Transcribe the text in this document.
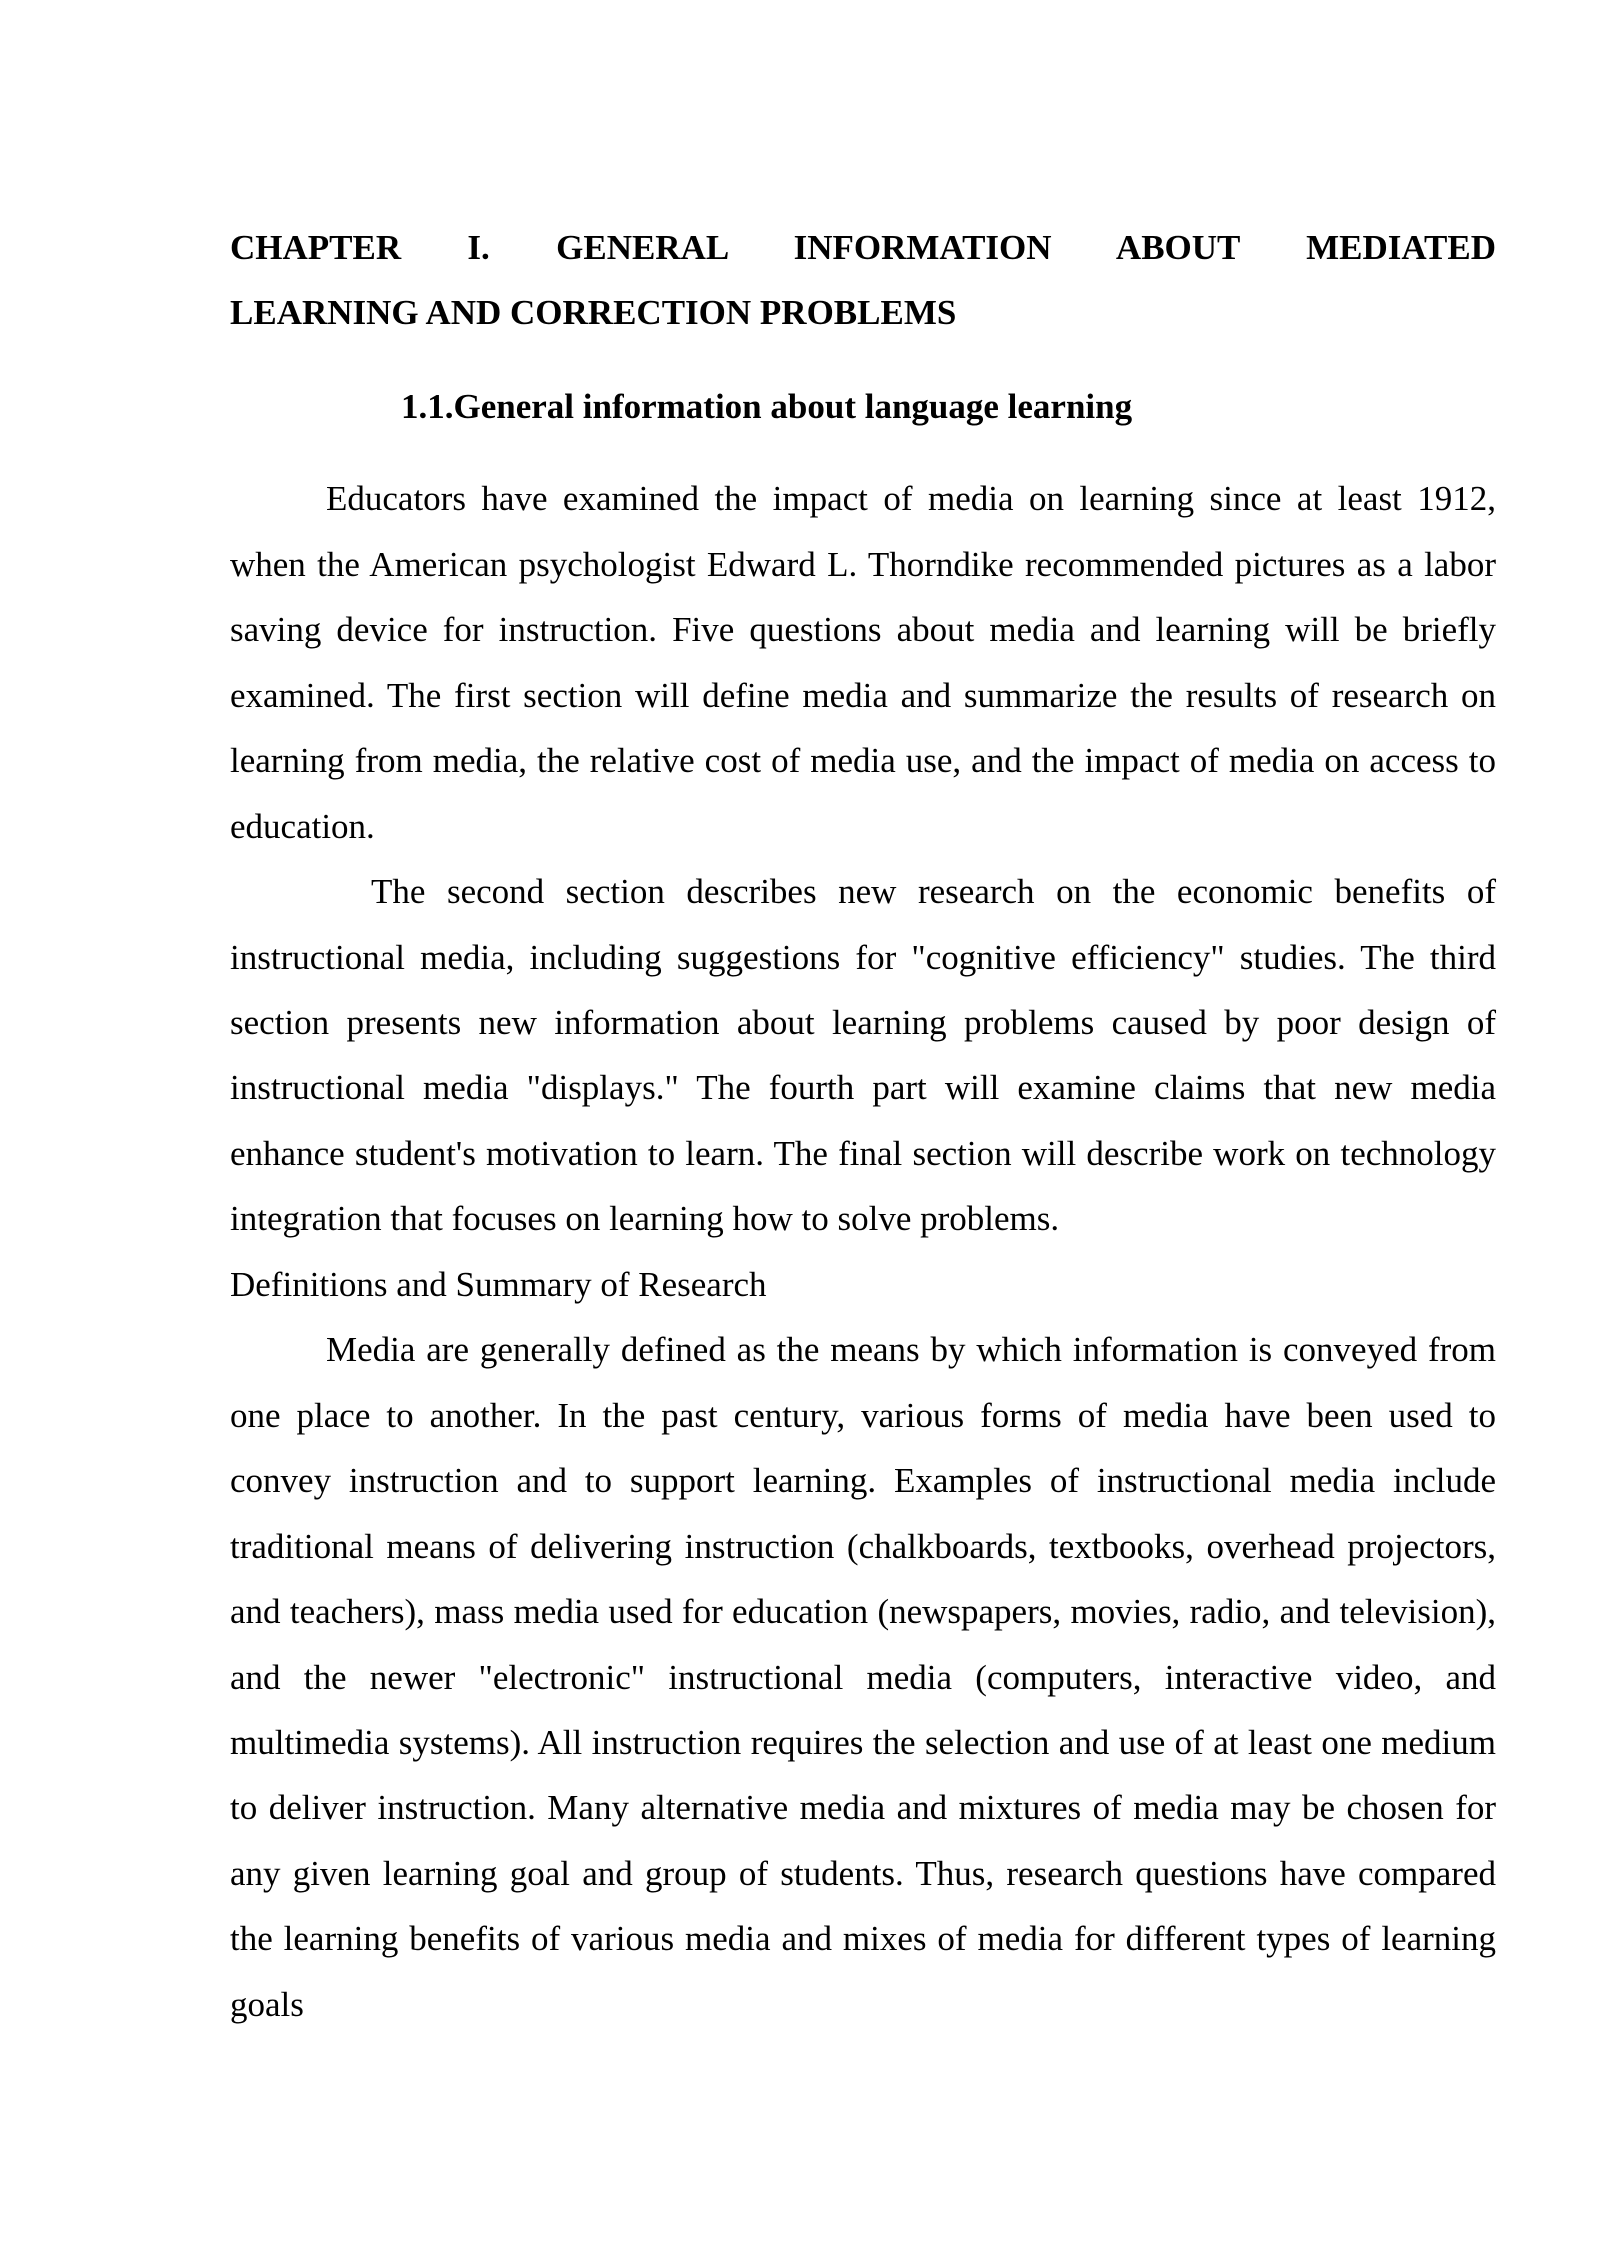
CHAPTER I. GENERAL INFORMATION ABOUT MEDIATED
LEARNING AND CORRECTION PROBLEMS
1.1.General information about language learning

Educators have examined the impact of media on learning since at least 1912, when the American psychologist Edward L. Thorndike recommended pictures as a labor saving device for instruction. Five questions about media and learning will be briefly examined. The first section will define media and summarize the results of research on learning from media, the relative cost of media use, and the impact of media on access to education.

The second section describes new research on the economic benefits of instructional media, including suggestions for "cognitive efficiency" studies. The third section presents new information about learning problems caused by poor design of instructional media "displays." The fourth part will examine claims that new media enhance student's motivation to learn. The final section will describe work on technology integration that focuses on learning how to solve problems.

Definitions and Summary of Research

Media are generally defined as the means by which information is conveyed from one place to another. In the past century, various forms of media have been used to convey instruction and to support learning. Examples of instructional media include traditional means of delivering instruction (chalkboards, textbooks, overhead projectors, and teachers), mass media used for education (newspapers, movies, radio, and television), and the newer "electronic" instructional media (computers, interactive video, and multimedia systems). All instruction requires the selection and use of at least one medium to deliver instruction. Many alternative media and mixtures of media may be chosen for any given learning goal and group of students. Thus, research questions have compared the learning benefits of various media and mixes of media for different types of learning goals
